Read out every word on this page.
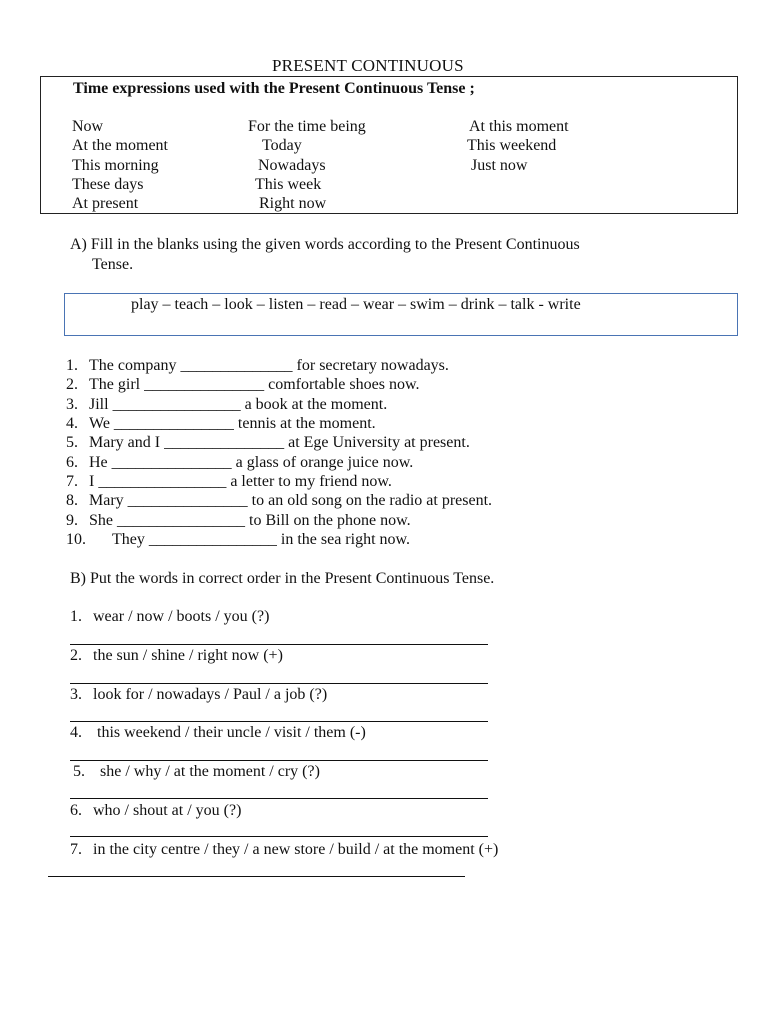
PRESENT CONTINUOUS
Time expressions used with the Present Continuous Tense ;
Now	For the time being	At this moment
At the moment	Today	This weekend
This morning	Nowadays	Just now
These days	This week
At present	Right now
A) Fill in the blanks using the given words according to the Present Continuous
Tense.
play – teach – look – listen – read – wear – swim – drink – talk - write
1. The company ______________ for secretary nowadays.
2. The girl _______________ comfortable shoes now.
3. Jill ________________ a book at the moment.
4. We _______________ tennis at the moment.
5. Mary and I _______________ at Ege University at present.
6. He _______________ a glass of orange juice now.
7. I ________________ a letter to my friend now.
8. Mary _______________ to an old song on the radio at present.
9. She ________________ to Bill on the phone now.
10. They ________________ in the sea right now.
B) Put the words in correct order in the Present Continuous Tense.
1. wear / now / boots / you (?)
2. the sun / shine / right now (+)
3. look for / nowadays / Paul / a job (?)
4. this weekend / their uncle / visit / them (-)
5. she / why / at the moment / cry (?)
6. who / shout at / you (?)
7. in the city centre / they / a new store / build / at the moment (+)
